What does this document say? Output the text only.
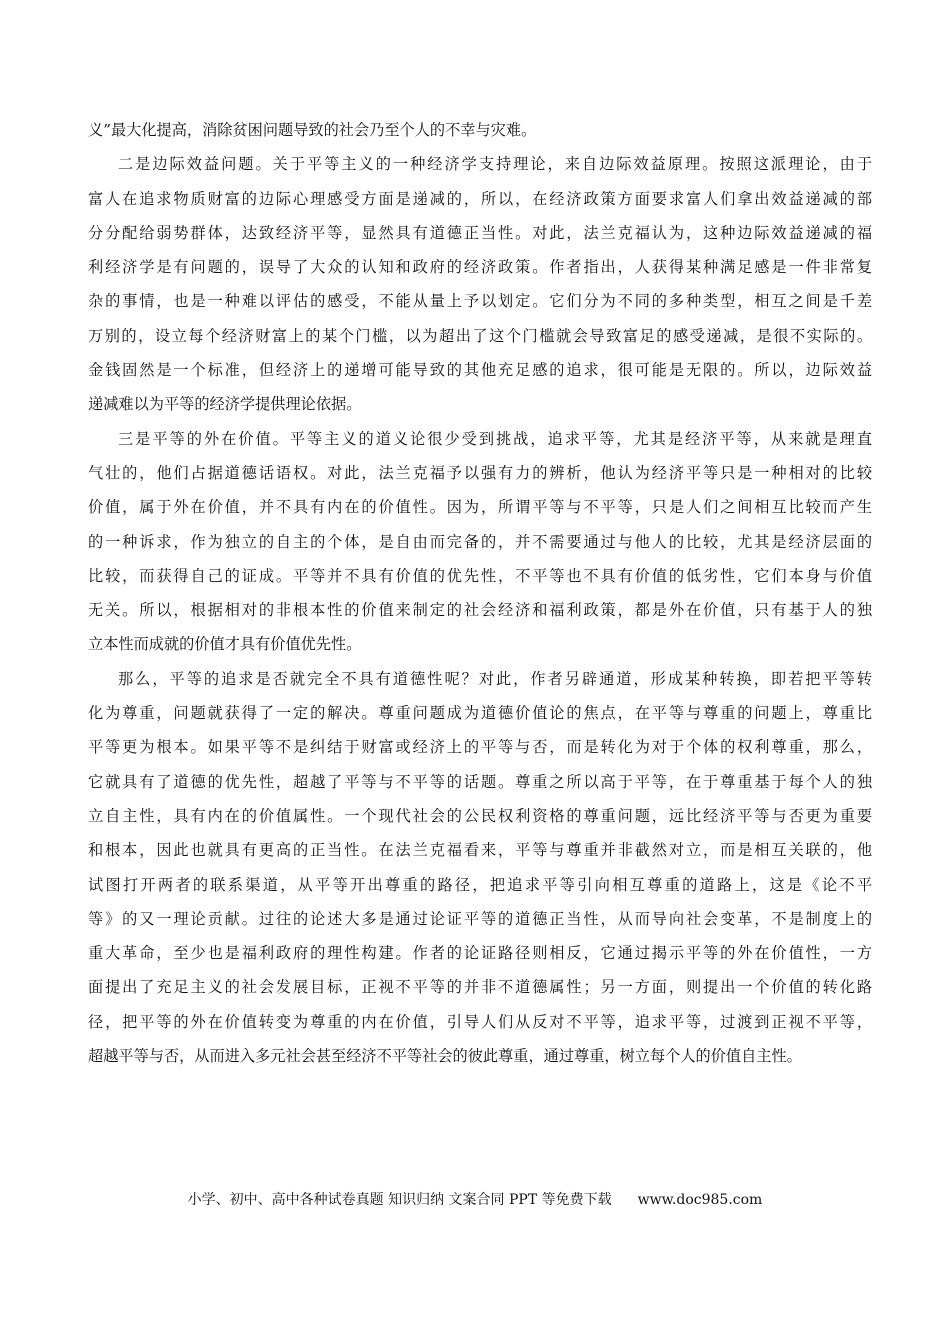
义”最大化提高，消除贫困问题导致的社会乃至个人的不幸与灾难。
二是边际效益问题。关于平等主义的一种经济学支持理论，来自边际效益原理。按照这派理论，由于
富人在追求物质财富的边际心理感受方面是递减的，所以，在经济政策方面要求富人们拿出效益递减的部
分分配给弱势群体，达致经济平等，显然具有道德正当性。对此，法兰克福认为，这种边际效益递减的福
利经济学是有问题的，误导了大众的认知和政府的经济政策。作者指出，人获得某种满足感是一件非常复
杂的事情，也是一种难以评估的感受，不能从量上予以划定。它们分为不同的多种类型，相互之间是千差
万别的，设立每个经济财富上的某个门槛，以为超出了这个门槛就会导致富足的感受递减，是很不实际的。
金钱固然是一个标准，但经济上的递增可能导致的其他充足感的追求，很可能是无限的。所以，边际效益
递减难以为平等的经济学提供理论依据。
三是平等的外在价值。平等主义的道义论很少受到挑战，追求平等，尤其是经济平等，从来就是理直
气壮的，他们占据道德话语权。对此，法兰克福予以强有力的辨析，他认为经济平等只是一种相对的比较
价值，属于外在价值，并不具有内在的价值性。因为，所谓平等与不平等，只是人们之间相互比较而产生
的一种诉求，作为独立的自主的个体，是自由而完备的，并不需要通过与他人的比较，尤其是经济层面的
比较，而获得自己的证成。平等并不具有价值的优先性，不平等也不具有价值的低劣性，它们本身与价值
无关。所以，根据相对的非根本性的价值来制定的社会经济和福利政策，都是外在价值，只有基于人的独
立本性而成就的价值才具有价值优先性。
那么，平等的追求是否就完全不具有道德性呢？对此，作者另辟通道，形成某种转换，即若把平等转
化为尊重，问题就获得了一定的解决。尊重问题成为道德价值论的焦点，在平等与尊重的问题上，尊重比
平等更为根本。如果平等不是纠结于财富或经济上的平等与否，而是转化为对于个体的权利尊重，那么，
它就具有了道德的优先性，超越了平等与不平等的话题。尊重之所以高于平等，在于尊重基于每个人的独
立自主性，具有内在的价值属性。一个现代社会的公民权利资格的尊重问题，远比经济平等与否更为重要
和根本，因此也就具有更高的正当性。在法兰克福看来，平等与尊重并非截然对立，而是相互关联的，他
试图打开两者的联系渠道，从平等开出尊重的路径，把追求平等引向相互尊重的道路上，这是《论不平
等》的又一理论贡献。过往的论述大多是通过论证平等的道德正当性，从而导向社会变革，不是制度上的
重大革命，至少也是福利政府的理性构建。作者的论证路径则相反，它通过揭示平等的外在价值性，一方
面提出了充足主义的社会发展目标，正视不平等的并非不道德属性；另一方面，则提出一个价值的转化路
径，把平等的外在价值转变为尊重的内在价值，引导人们从反对不平等，追求平等，过渡到正视不平等，
超越平等与否，从而进入多元社会甚至经济不平等社会的彼此尊重，通过尊重，树立每个人的价值自主性。
小学、初中、高中各种试卷真题 知识归纳 文案合同 PPT 等免费下载 www.doc985.com
